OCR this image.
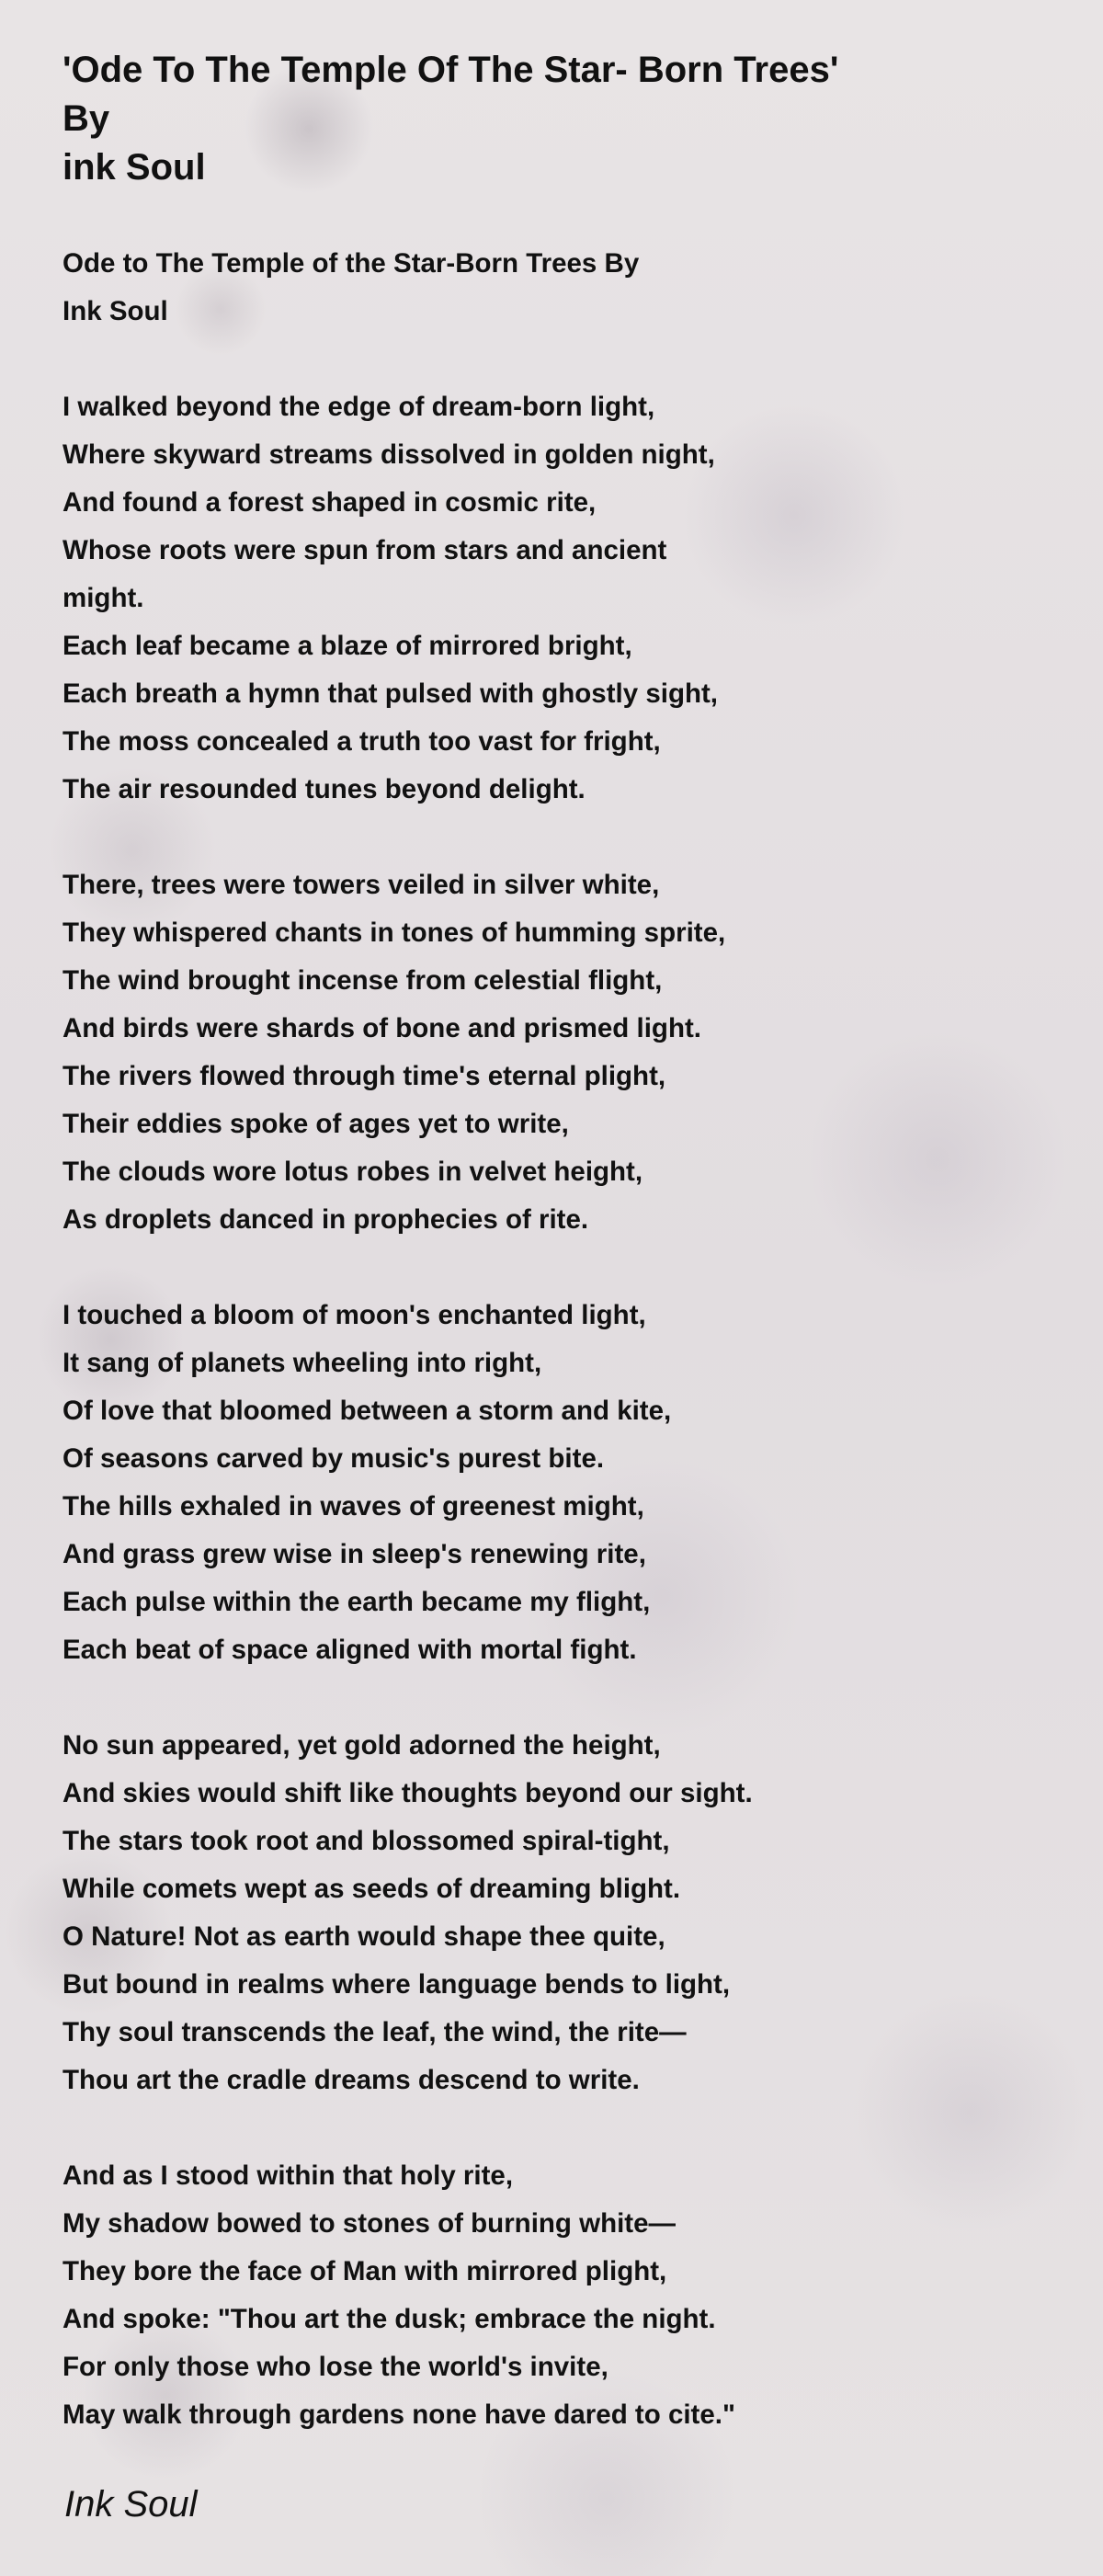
'Ode To The Temple Of The Star- Born Trees'
By
ink Soul

Ode to The Temple of the Star-Born Trees By
Ink Soul

I walked beyond the edge of dream-born light,
Where skyward streams dissolved in golden night,
And found a forest shaped in cosmic rite,
Whose roots were spun from stars and ancient
might.
Each leaf became a blaze of mirrored bright,
Each breath a hymn that pulsed with ghostly sight,
The moss concealed a truth too vast for fright,
The air resounded tunes beyond delight.

There, trees were towers veiled in silver white,
They whispered chants in tones of humming sprite,
The wind brought incense from celestial flight,
And birds were shards of bone and prismed light.
The rivers flowed through time's eternal plight,
Their eddies spoke of ages yet to write,
The clouds wore lotus robes in velvet height,
As droplets danced in prophecies of rite.

I touched a bloom of moon's enchanted light,
It sang of planets wheeling into right,
Of love that bloomed between a storm and kite,
Of seasons carved by music's purest bite.
The hills exhaled in waves of greenest might,
And grass grew wise in sleep's renewing rite,
Each pulse within the earth became my flight,
Each beat of space aligned with mortal fight.

No sun appeared, yet gold adorned the height,
And skies would shift like thoughts beyond our sight.
The stars took root and blossomed spiral-tight,
While comets wept as seeds of dreaming blight.
O Nature! Not as earth would shape thee quite,
But bound in realms where language bends to light,
Thy soul transcends the leaf, the wind, the rite—
Thou art the cradle dreams descend to write.

And as I stood within that holy rite,
My shadow bowed to stones of burning white—
They bore the face of Man with mirrored plight,
And spoke: "Thou art the dusk; embrace the night.
For only those who lose the world's invite,
May walk through gardens none have dared to cite."

Ink Soul
